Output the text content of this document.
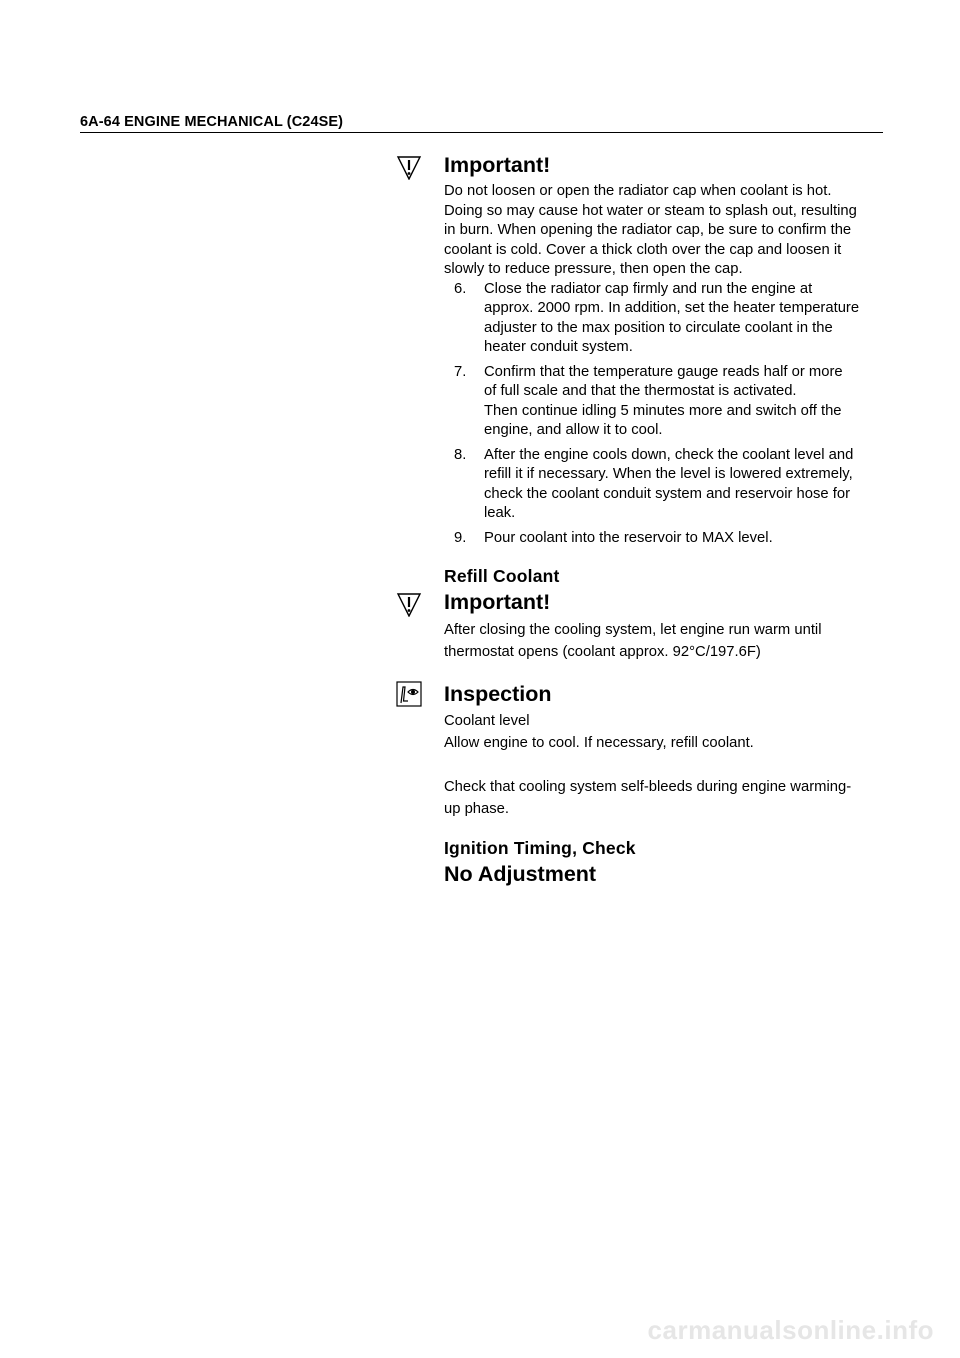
6A-64 ENGINE MECHANICAL (C24SE)
Important!
Do not loosen or open the radiator cap when coolant is hot.
Doing so may cause hot water or steam to splash out, resulting
in burn. When opening the radiator cap, be sure to confirm the
coolant is cold. Cover a thick cloth over the cap and loosen it
slowly to reduce pressure, then open the cap.
6. Close the radiator cap firmly and run the engine at
approx. 2000 rpm. In addition, set the heater temperature
adjuster to the max position to circulate coolant in the
heater conduit system.
7. Confirm that the temperature gauge reads half or more
of full scale and that the thermostat is activated.
Then continue idling 5 minutes more and switch off the
engine, and allow it to cool.
8. After the engine cools down, check the coolant level and
refill it if necessary. When the level is lowered extremely,
check the coolant conduit system and reservoir hose for
leak.
9. Pour coolant into the reservoir to MAX level.
Refill Coolant
Important!
After closing the cooling system, let engine run warm until
thermostat opens (coolant approx. 92°C/197.6F)
Inspection
Coolant level
Allow engine to cool. If necessary, refill coolant.
Check that cooling system self-bleeds during engine warming-
up phase.
Ignition Timing, Check
No Adjustment
carmanualsonline.info
